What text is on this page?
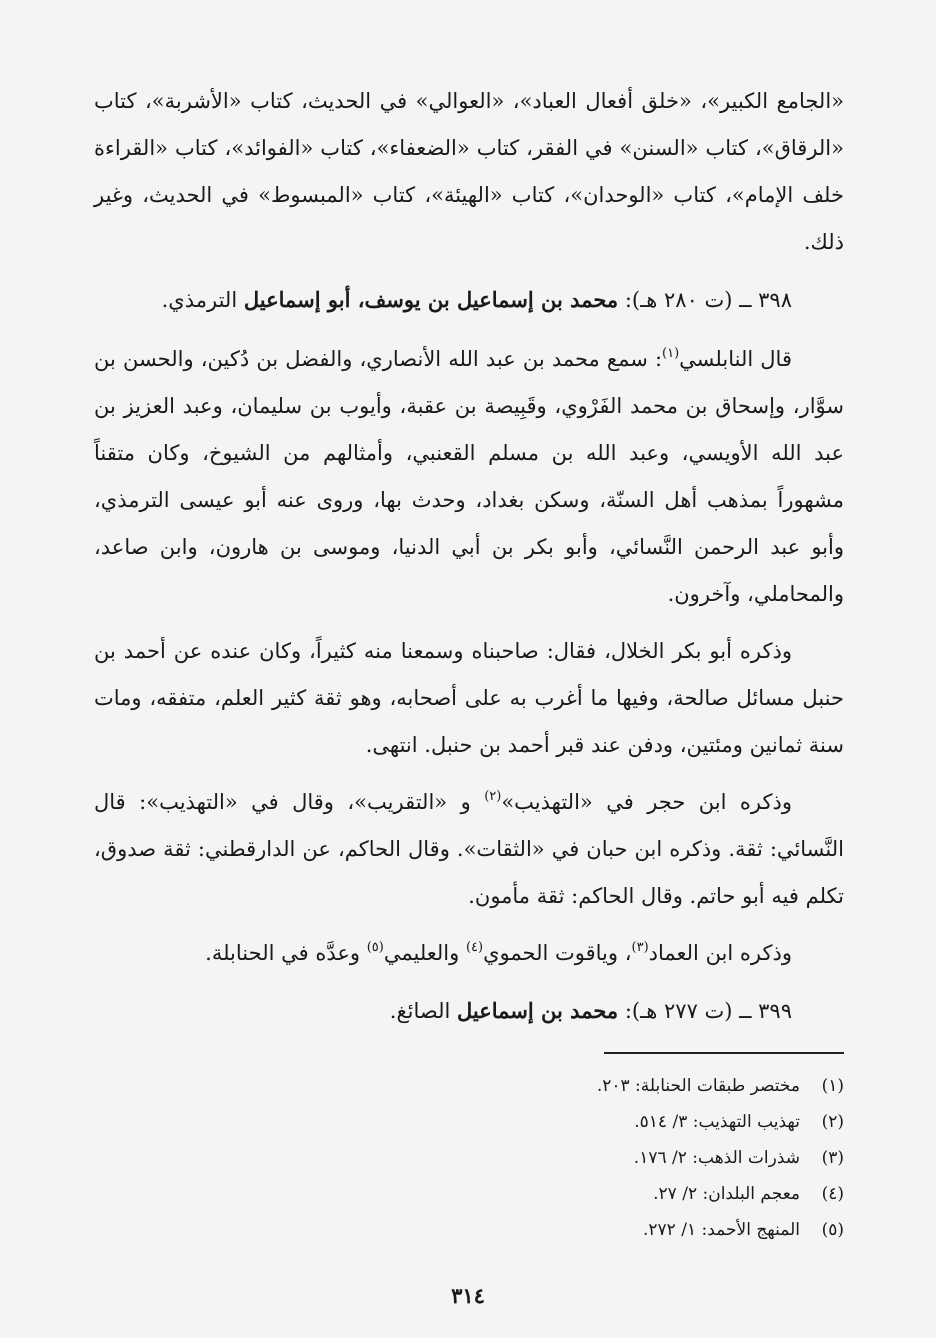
«الجامع الكبير»، «خلق أفعال العباد»، «العوالي» في الحديث، كتاب «الأشربة»، كتاب «الرقاق»، كتاب «السنن» في الفقر، كتاب «الضعفاء»، كتاب «الفوائد»، كتاب «القراءة خلف الإمام»، كتاب «الوحدان»، كتاب «الهيئة»، كتاب «المبسوط» في الحديث، وغير ذلك.

٣٩٨ ــ (ت ٢٨٠ هـ): محمد بن إسماعيل بن يوسف، أبو إسماعيل الترمذي.

قال النابلسي$^{(١)}$: سمع محمد بن عبد الله الأنصاري، والفضل بن دُكين، والحسن بن سوَّار، وإسحاق بن محمد الفَرْوي، وقَبِيصة بن عقبة، وأيوب بن سليمان، وعبد العزيز بن عبد الله الأويسي، وعبد الله بن مسلم القعنبي، وأمثالهم من الشيوخ، وكان متقناً مشهوراً بمذهب أهل السنّة، وسكن بغداد، وحدث بها، وروى عنه أبو عيسى الترمذي، وأبو عبد الرحمن النَّسائي، وأبو بكر بن أبي الدنيا، وموسى بن هارون، وابن صاعد، والمحاملي، وآخرون.

وذكره أبو بكر الخلال، فقال: صاحبناه وسمعنا منه كثيراً، وكان عنده عن أحمد بن حنبل مسائل صالحة، وفيها ما أغرب به على أصحابه، وهو ثقة كثير العلم، متفقه، ومات سنة ثمانين ومئتين، ودفن عند قبر أحمد بن حنبل. انتهى.

وذكره ابن حجر في «التهذيب»$^{(٢)}$ و «التقريب»، وقال في «التهذيب»: قال النَّسائي: ثقة. وذكره ابن حبان في «الثقات». وقال الحاكم، عن الدارقطني: ثقة صدوق، تكلم فيه أبو حاتم. وقال الحاكم: ثقة مأمون.

وذكره ابن العماد$^{(٣)}$، وياقوت الحموي$^{(٤)}$ والعليمي$^{(٥)}$ وعدَّه في الحنابلة.

٣٩٩ ــ (ت ٢٧٧ هـ): محمد بن إسماعيل الصائغ.

(١)مختصر طبقات الحنابلة: ٢٠٣.

(٢)تهذيب التهذيب: ٣/ ٥١٤.

(٣)شذرات الذهب: ٢/ ١٧٦.

(٤)معجم البلدان: ٢/ ٢٧.

(٥)المنهج الأحمد: ١/ ٢٧٢.

٣١٤
